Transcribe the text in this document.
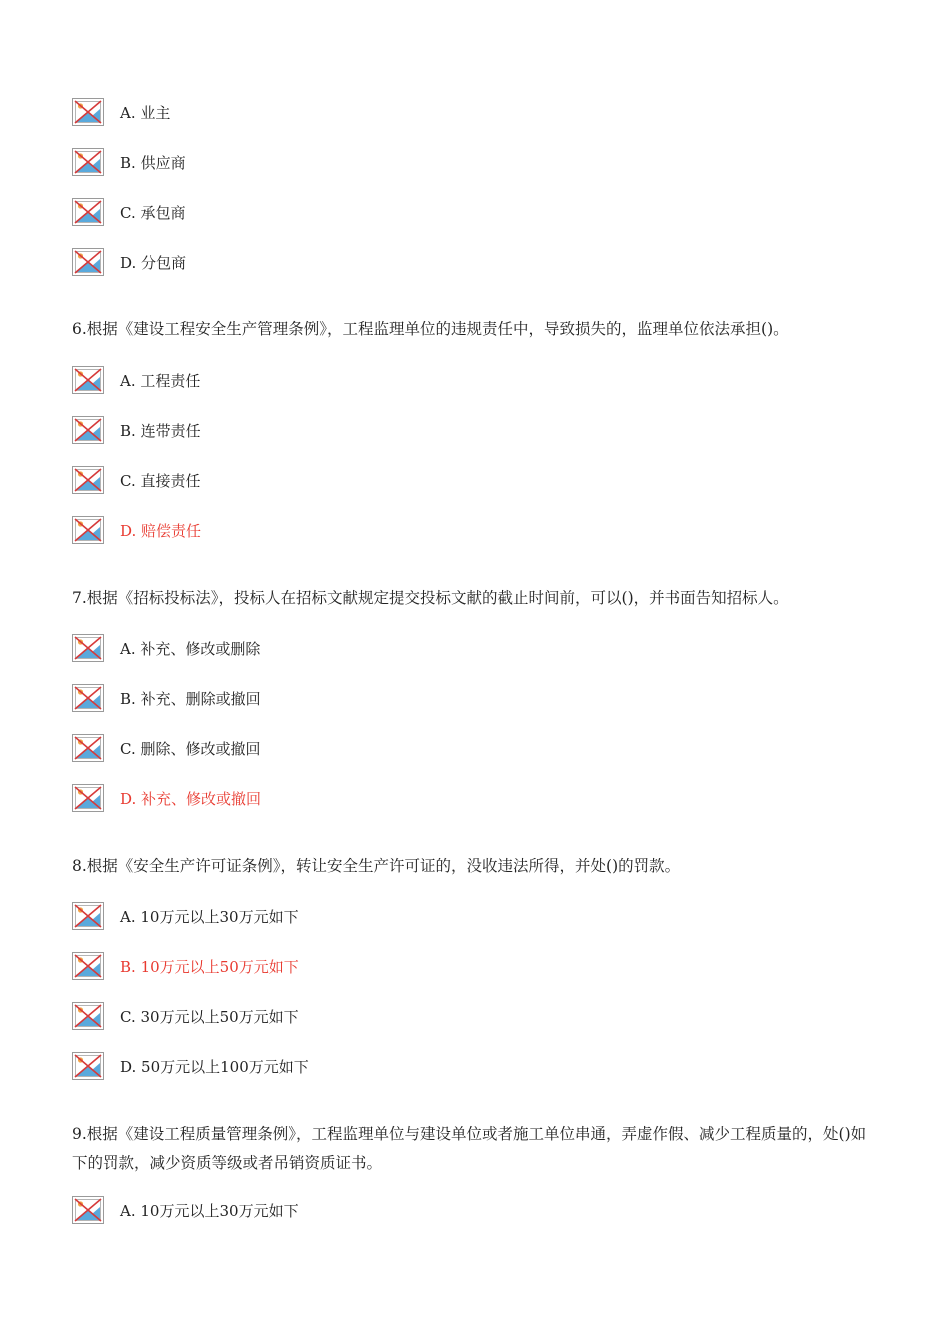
A. 业主
B. 供应商
C. 承包商
D. 分包商
6.根据《建设工程安全生产管理条例》，工程监理单位的违规责任中，导致损失的，监理单位依法承担()。
A. 工程责任
B. 连带责任
C. 直接责任
D. 赔偿责任
7.根据《招标投标法》，投标人在招标文献规定提交投标文献的截止时间前，可以()，并书面告知招标人。
A. 补充、修改或删除
B. 补充、删除或撤回
C. 删除、修改或撤回
D. 补充、修改或撤回
8.根据《安全生产许可证条例》，转让安全生产许可证的，没收违法所得，并处()的罚款。
A. 10万元以上30万元如下
B. 10万元以上50万元如下
C. 30万元以上50万元如下
D. 50万元以上100万元如下
9.根据《建设工程质量管理条例》，工程监理单位与建设单位或者施工单位串通，弄虚作假、减少工程质量的，处()如下的罚款，减少资质等级或者吊销资质证书。
A. 10万元以上30万元如下
